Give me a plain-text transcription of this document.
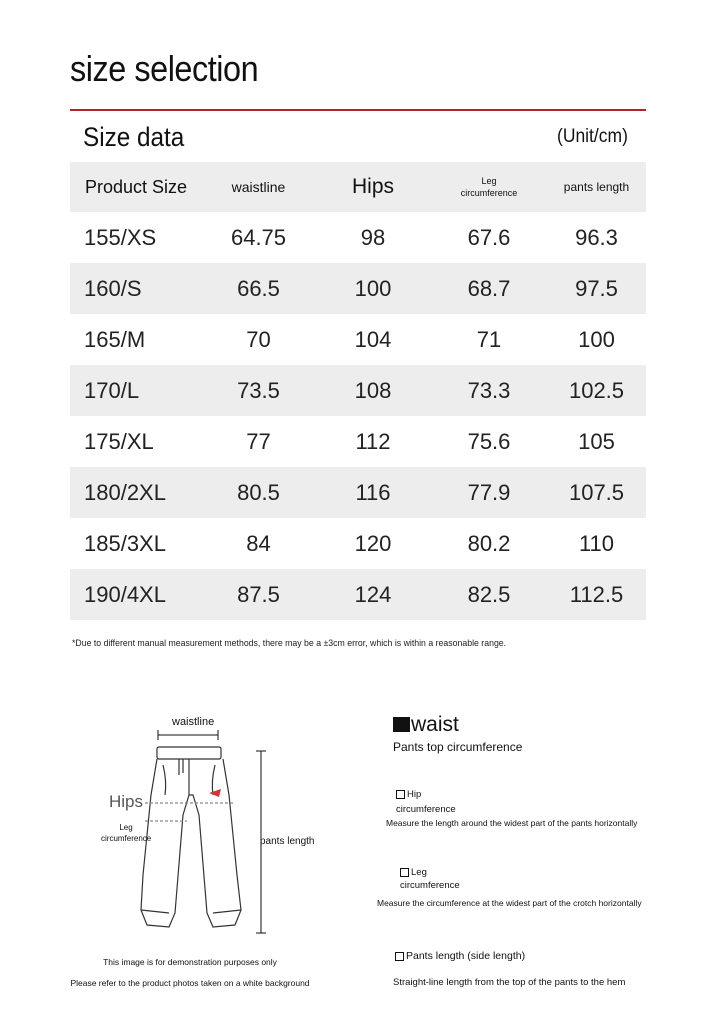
size selection
Size data	(Unit/cm)
Product Size	waistline	Hips	Leg circumference	pants length
155/XS	64.75	98	67.6	96.3
160/S	66.5	100	68.7	97.5
165/M	70	104	71	100
170/L	73.5	108	73.3	102.5
175/XL	77	112	75.6	105
180/2XL	80.5	116	77.9	107.5
185/3XL	84	120	80.2	110
190/4XL	87.5	124	82.5	112.5
*Due to different manual measurement methods, there may be a ±3cm error, which is within a reasonable range.
waistline
Hips
Leg circumference	pants length
This image is for demonstration purposes only
Please refer to the product photos taken on a white background
waist
Pants top circumference
Hip
circumference
Measure the length around the widest part of the pants horizontally
Leg
circumference
Measure the circumference at the widest part of the crotch horizontally
Pants length (side length)
Straight-line length from the top of the pants to the hem
